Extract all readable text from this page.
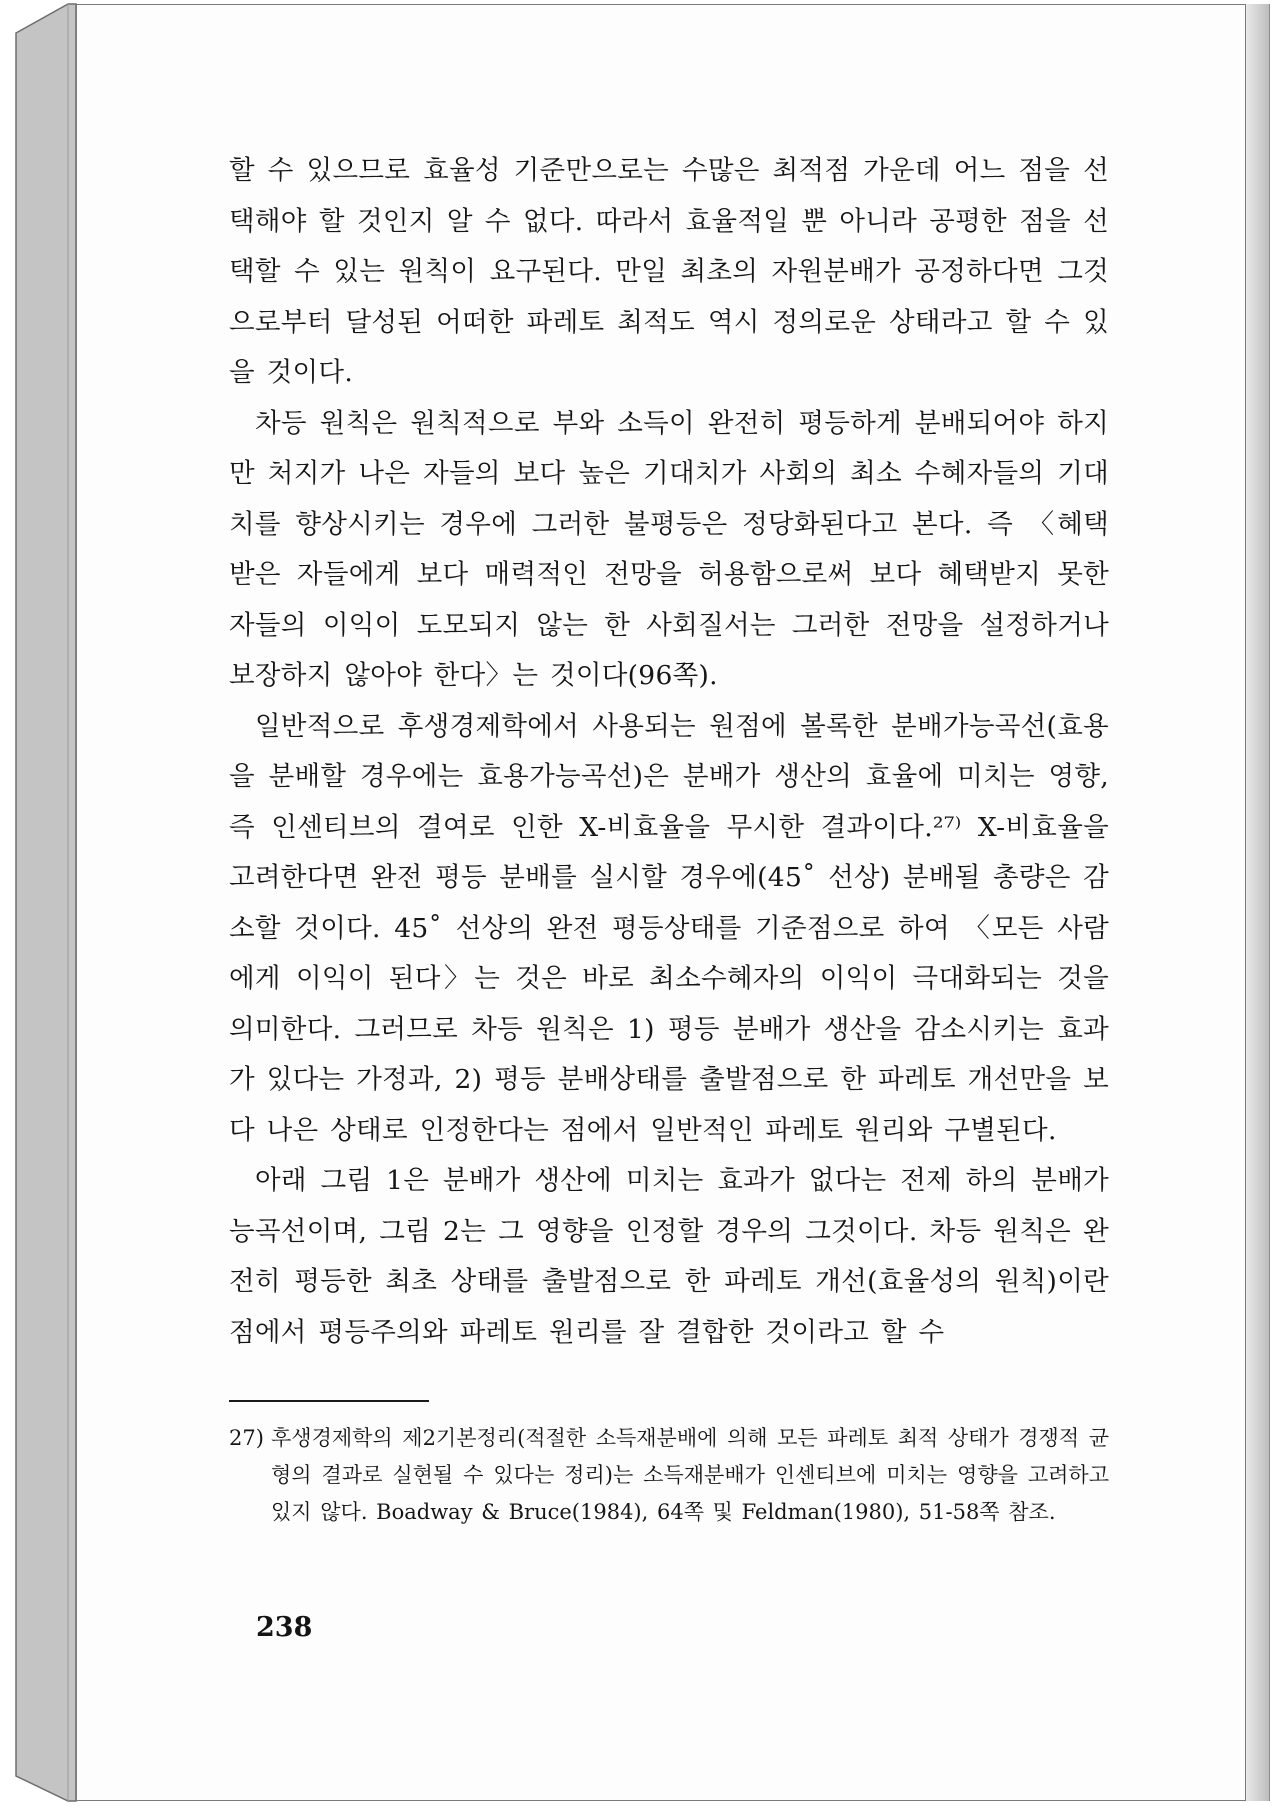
할 수 있으므로 효율성 기준만으로는 수많은 최적점 가운데 어느 점을 선택해야 할 것인지 알 수 없다. 따라서 효율적일 뿐 아니라 공평한 점을 선택할 수 있는 원칙이 요구된다. 만일 최초의 자원분배가 공정하다면 그것으로부터 달성된 어떠한 파레토 최적도 역시 정의로운 상태라고 할 수 있을 것이다.

차등 원칙은 원칙적으로 부와 소득이 완전히 평등하게 분배되어야 하지만 처지가 나은 자들의 보다 높은 기대치가 사회의 최소 수혜자들의 기대치를 향상시키는 경우에 그러한 불평등은 정당화된다고 본다. 즉 〈혜택받은 자들에게 보다 매력적인 전망을 허용함으로써 보다 혜택받지 못한 자들의 이익이 도모되지 않는 한 사회질서는 그러한 전망을 설정하거나 보장하지 않아야 한다〉는 것이다(96쪽).

일반적으로 후생경제학에서 사용되는 원점에 볼록한 분배가능곡선(효용을 분배할 경우에는 효용가능곡선)은 분배가 생산의 효율에 미치는 영향, 즉 인센티브의 결여로 인한 X-비효율을 무시한 결과이다.²⁷⁾ X-비효율을 고려한다면 완전 평등 분배를 실시할 경우에(45˚ 선상) 분배될 총량은 감소할 것이다. 45˚ 선상의 완전 평등상태를 기준점으로 하여 〈모든 사람에게 이익이 된다〉는 것은 바로 최소수혜자의 이익이 극대화되는 것을 의미한다. 그러므로 차등 원칙은 1) 평등 분배가 생산을 감소시키는 효과가 있다는 가정과, 2) 평등 분배상태를 출발점으로 한 파레토 개선만을 보다 나은 상태로 인정한다는 점에서 일반적인 파레토 원리와 구별된다.

아래 그림 1은 분배가 생산에 미치는 효과가 없다는 전제 하의 분배가능곡선이며, 그림 2는 그 영향을 인정할 경우의 그것이다. 차등 원칙은 완전히 평등한 최초 상태를 출발점으로 한 파레토 개선(효율성의 원칙)이란 점에서 평등주의와 파레토 원리를 잘 결합한 것이라고 할 수

27) 후생경제학의 제2기본정리(적절한 소득재분배에 의해 모든 파레토 최적 상태가 경쟁적 균형의 결과로 실현될 수 있다는 정리)는 소득재분배가 인센티브에 미치는 영향을 고려하고 있지 않다. Boadway & Bruce(1984), 64쪽 및 Feldman(1980), 51-58쪽 참조.
238
